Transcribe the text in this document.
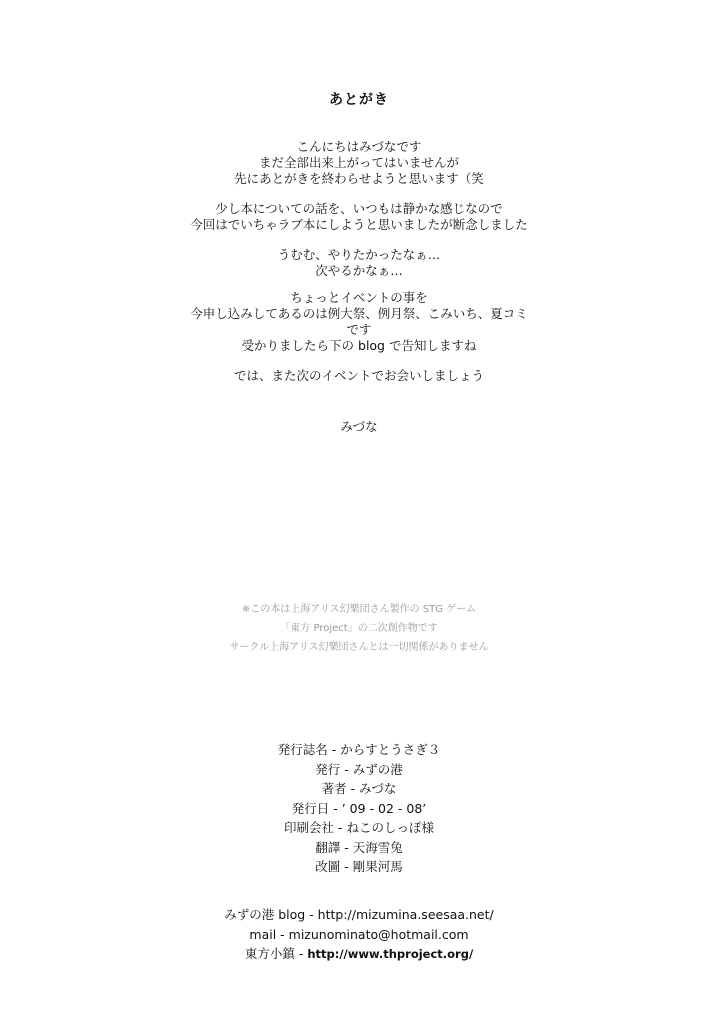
あとがき
こんにちはみづなです
まだ全部出来上がってはいませんが
先にあとがきを終わらせようと思います（笑
少し本についての話を、いつもは静かな感じなので
今回はでいちゃラブ本にしようと思いましたが断念しました
うむむ、やりたかったなぁ…
次やるかなぁ…
ちょっとイベントの事を
今申し込みしてあるのは例大祭、例月祭、こみいち、夏コミ
です
受かりましたら下の blog で告知しますね
では、また次のイベントでお会いしましょう
みづな
※この本は上海アリス幻樂団さん製作の STG ゲーム
「東方 Project」の二次創作物です
サークル上海アリス幻樂団さんとは一切関係がありません
発行誌名 - からすとうさぎ３
発行 - みずの港
著者 - みづな
発行日 - ’ 09 - 02 - 08’
印刷会社 - ねこのしっぽ様
翻譯 - 天海雪兔
改圖 - 剛果河馬
みずの港 blog - http://mizumina.seesaa.net/
mail - mizunominato@hotmail.com
東方小鎮 - http://www.thproject.org/
